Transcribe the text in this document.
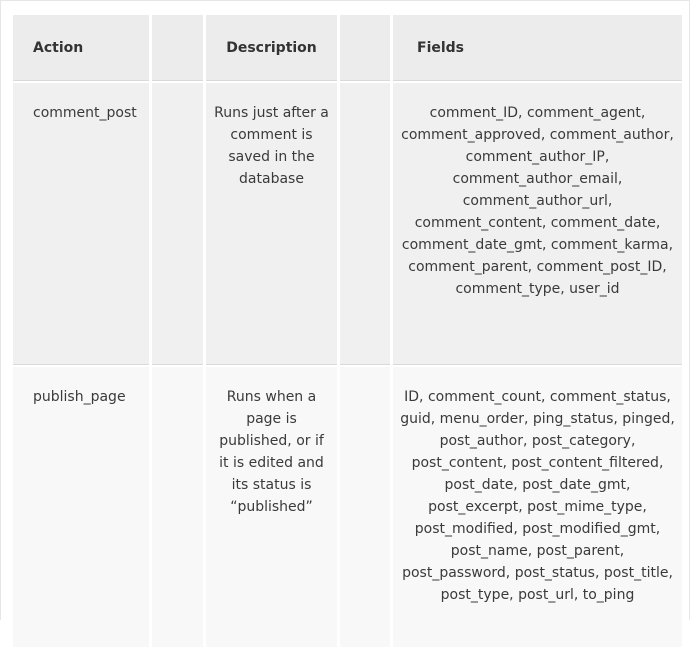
Action		Description		Fields
comment_post		Runs just after a comment is saved in the database		comment_ID, comment_agent, comment_approved, comment_author, comment_author_IP, comment_author_email, comment_author_url, comment_content, comment_date, comment_date_gmt, comment_karma, comment_parent, comment_post_ID, comment_type, user_id
publish_page		Runs when a page is published, or if it is edited and its status is “published”		ID, comment_count, comment_status, guid, menu_order, ping_status, pinged, post_author, post_category, post_content, post_content_filtered, post_date, post_date_gmt, post_excerpt, post_mime_type, post_modified, post_modified_gmt, post_name, post_parent, post_password, post_status, post_title, post_type, post_url, to_ping
